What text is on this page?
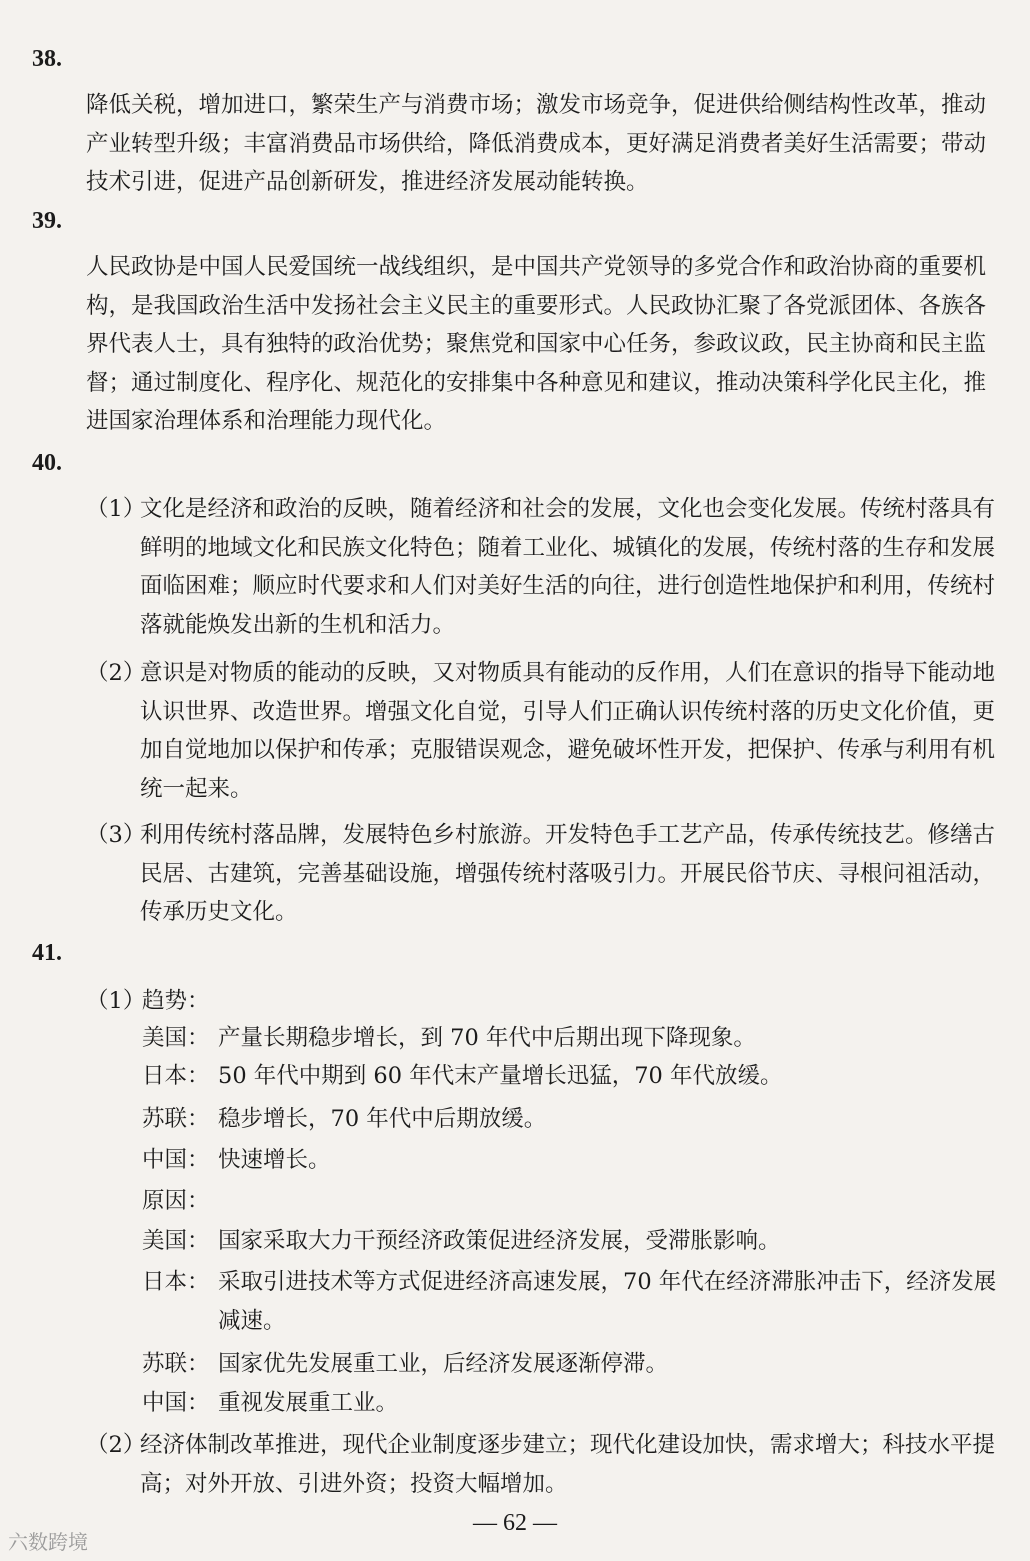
38.

降低关税，增加进口，繁荣生产与消费市场；激发市场竞争，促进供给侧结构性改革，推动产业转型升级；丰富消费品市场供给，降低消费成本，更好满足消费者美好生活需要；带动技术引进，促进产品创新研发，推进经济发展动能转换。

39.

人民政协是中国人民爱国统一战线组织，是中国共产党领导的多党合作和政治协商的重要机构，是我国政治生活中发扬社会主义民主的重要形式。人民政协汇聚了各党派团体、各族各界代表人士，具有独特的政治优势；聚焦党和国家中心任务，参政议政，民主协商和民主监督；通过制度化、程序化、规范化的安排集中各种意见和建议，推动决策科学化民主化，推进国家治理体系和治理能力现代化。

40.
（1）
文化是经济和政治的反映，随着经济和社会的发展，文化也会变化发展。传统村落具有鲜明的地域文化和民族文化特色；随着工业化、城镇化的发展，传统村落的生存和发展面临困难；顺应时代要求和人们对美好生活的向往，进行创造性地保护和利用，传统村落就能焕发出新的生机和活力。
（2）
意识是对物质的能动的反映，又对物质具有能动的反作用，人们在意识的指导下能动地认识世界、改造世界。增强文化自觉，引导人们正确认识传统村落的历史文化价值，更加自觉地加以保护和传承；克服错误观念，避免破坏性开发，把保护、传承与利用有机统一起来。
（3）
利用传统村落品牌，发展特色乡村旅游。开发特色手工艺产品，传承传统技艺。修缮古民居、古建筑，完善基础设施，增强传统村落吸引力。开展民俗节庆、寻根问祖活动，传承历史文化。
41.
（1）
趋势：
美国： 产量长期稳步增长，到 70 年代中后期出现下降现象。
日本： 50 年代中期到 60 年代末产量增长迅猛，70 年代放缓。
苏联： 稳步增长，70 年代中后期放缓。
中国： 快速增长。
原因：
美国： 国家采取大力干预经济政策促进经济发展，受滞胀影响。
日本： 采取引进技术等方式促进经济高速发展，70 年代在经济滞胀冲击下，经济发展减速。
苏联： 国家优先发展重工业，后经济发展逐渐停滞。
中国： 重视发展重工业。
（2）
经济体制改革推进，现代企业制度逐步建立；现代化建设加快，需求增大；科技水平提高；对外开放、引进外资；投资大幅增加。
— 62 —
六数跨境
